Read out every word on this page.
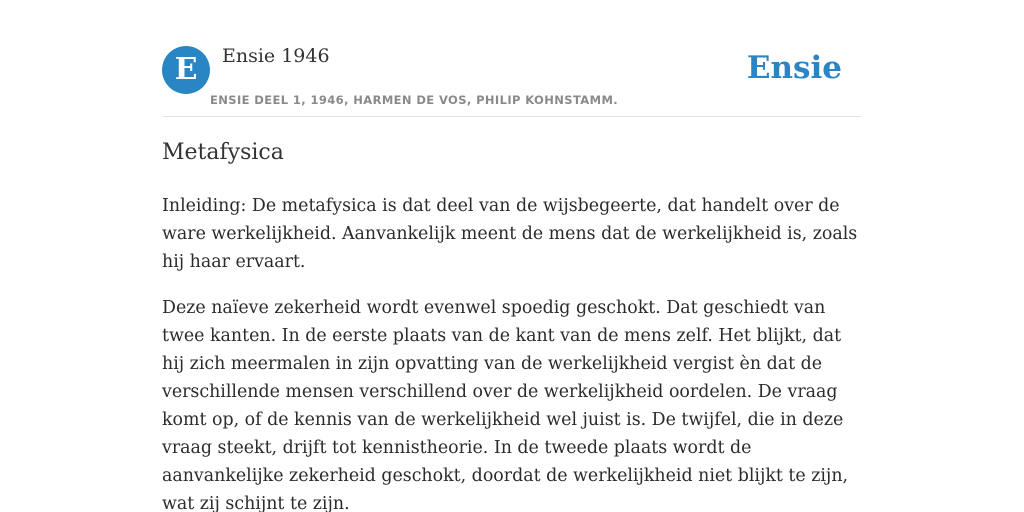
E	Ensie 1946
ENSIE DEEL 1, 1946, HARMEN DE VOS, PHILIP KOHNSTAMM.
Ensie
Metafysica

Inleiding: De metafysica is dat deel van de wijsbegeerte, dat handelt over de ware werkelijkheid. Aanvankelijk meent de mens dat de werkelijkheid is, zoals hij haar ervaart.

Deze naïeve zekerheid wordt evenwel spoedig geschokt. Dat geschiedt van twee kanten. In de eerste plaats van de kant van de mens zelf. Het blijkt, dat hij zich meermalen in zijn opvatting van de werkelijkheid vergist èn dat de verschillende mensen verschillend over de werkelijkheid oordelen. De vraag komt op, of de kennis van de werkelijkheid wel juist is. De twijfel, die in deze vraag steekt, drijft tot kennistheorie. In de tweede plaats wordt de aanvankelijke zekerheid geschokt, doordat de werkelijkheid niet blijkt te zijn, wat zij schijnt te zijn.
